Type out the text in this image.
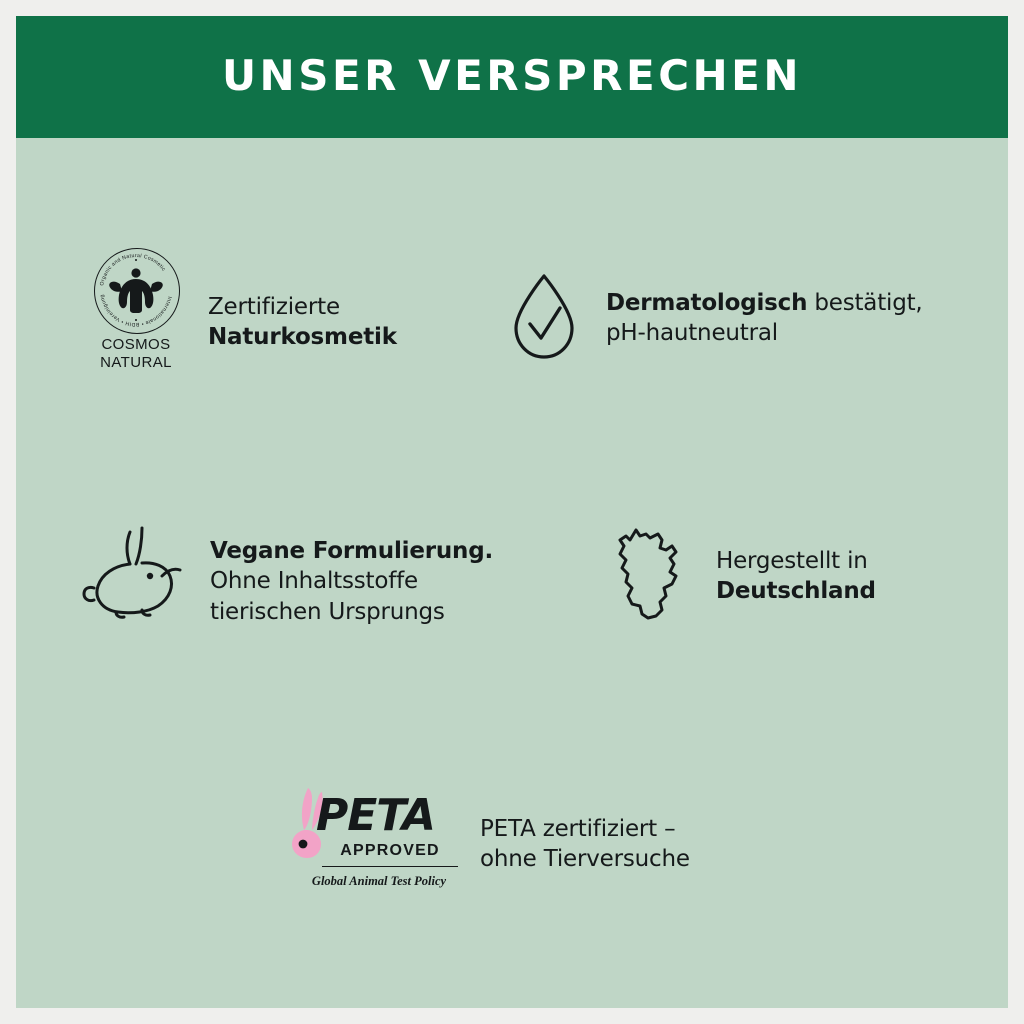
UNSER VERSPRECHEN
Organic and Natural Cosmetic
Internationale • BDIH • Vereinigung
COSMOS
NATURAL
Zertifizierte
Naturkosmetik
Dermatologisch bestätigt,
pH-hautneutral
Vegane Formulierung.
Ohne Inhaltsstoffe
tierischen Ursprungs
Hergestellt in
Deutschland
PETA
APPROVED
Global Animal Test Policy
PETA zertifiziert –
ohne Tierversuche
